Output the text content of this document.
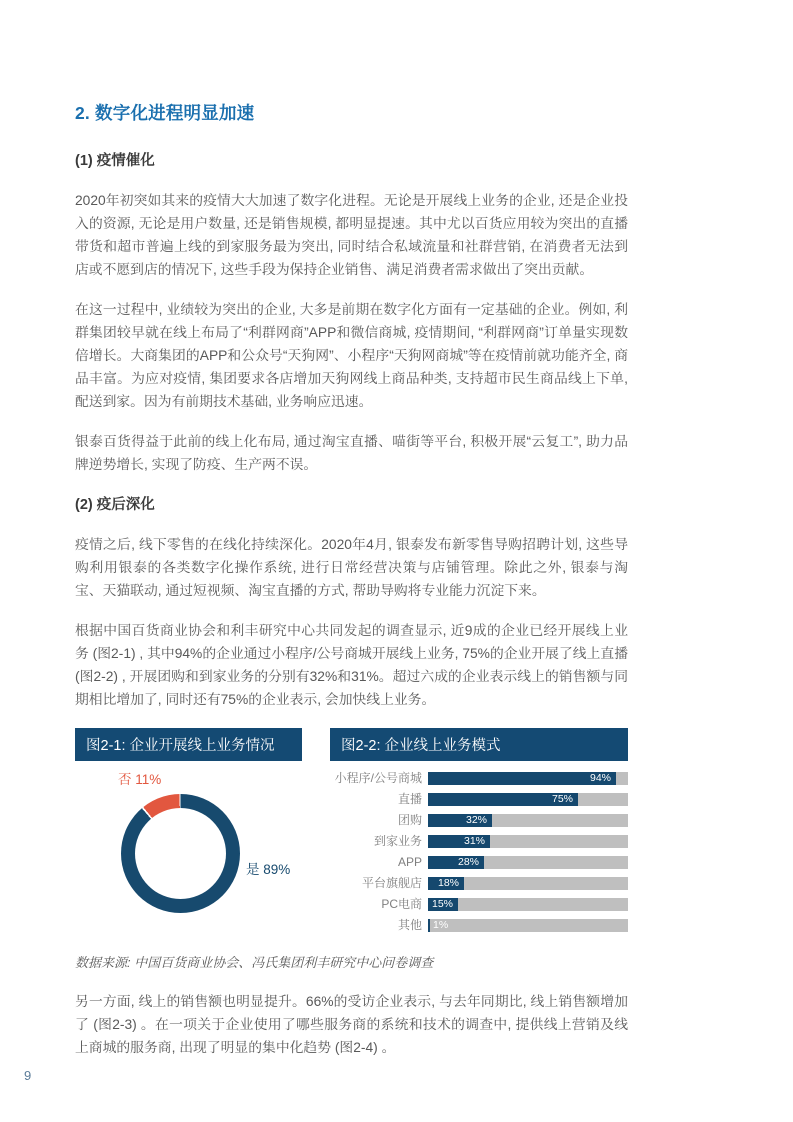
2. 数字化进程明显加速
(1) 疫情催化

2020年初突如其来的疫情大大加速了数字化进程。无论是开展线上业务的企业, 还是企业投入的资源, 无论是用户数量, 还是销售规模, 都明显提速。其中尤以百货应用较为突出的直播带货和超市普遍上线的到家服务最为突出, 同时结合私域流量和社群营销, 在消费者无法到店或不愿到店的情况下, 这些手段为保持企业销售、满足消费者需求做出了突出贡献。

在这一过程中, 业绩较为突出的企业, 大多是前期在数字化方面有一定基础的企业。例如, 利群集团较早就在线上布局了“利群网商”APP和微信商城, 疫情期间, “利群网商”订单量实现数倍增长。大商集团的APP和公众号“天狗网”、小程序“天狗网商城”等在疫情前就功能齐全, 商品丰富。为应对疫情, 集团要求各店增加天狗网线上商品种类, 支持超市民生商品线上下单, 配送到家。因为有前期技术基础, 业务响应迅速。

银泰百货得益于此前的线上化布局, 通过淘宝直播、喵街等平台, 积极开展“云复工”, 助力品牌逆势增长, 实现了防疫、生产两不误。

(2) 疫后深化

疫情之后, 线下零售的在线化持续深化。2020年4月, 银泰发布新零售导购招聘计划, 这些导购利用银泰的各类数字化操作系统, 进行日常经营决策与店铺管理。除此之外, 银泰与淘宝、天猫联动, 通过短视频、淘宝直播的方式, 帮助导购将专业能力沉淀下来。

根据中国百货商业协会和利丰研究中心共同发起的调查显示, 近9成的企业已经开展线上业务 (图2-1) , 其中94%的企业通过小程序/公号商城开展线上业务, 75%的企业开展了线上直播 (图2-2) , 开展团购和到家业务的分别有32%和31%。超过六成的企业表示线上的销售额与同期相比增加了, 同时还有75%的企业表示, 会加快线上业务。

图2-1: 企业开展线上业务情况
否 11%
是 89%
图2-2: 企业线上业务模式
小程序/公号商城	94%
直播	75%
团购	32%
到家业务	31%
APP	28%
平台旗舰店	18%
PC电商 15%
其他	1%

数据来源: 中国百货商业协会、冯氏集团利丰研究中心问卷调查

另一方面, 线上的销售额也明显提升。66%的受访企业表示, 与去年同期比, 线上销售额增加了 (图2-3) 。在一项关于企业使用了哪些服务商的系统和技术的调查中, 提供线上营销及线上商城的服务商, 出现了明显的集中化趋势 (图2-4) 。

9
